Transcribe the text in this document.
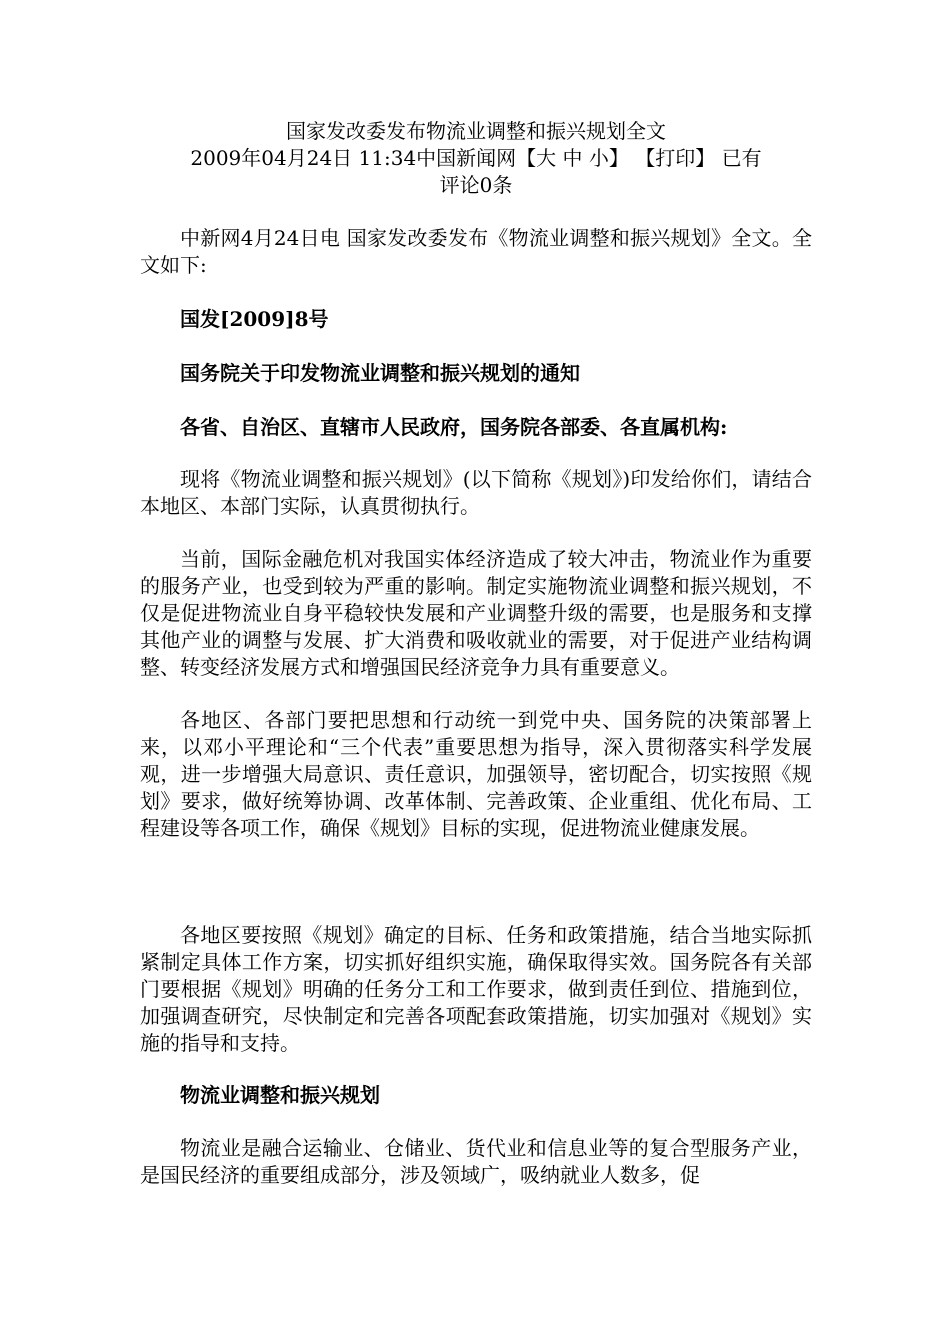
国家发改委发布物流业调整和振兴规划全文
2009年04月24日 11:34中国新闻网【大 中 小】 【打印】 已有
评论0条
中新网4月24日电 国家发改委发布《物流业调整和振兴规划》全文。全文如下:
国发[2009]8号
国务院关于印发物流业调整和振兴规划的通知
各省、自治区、直辖市人民政府，国务院各部委、各直属机构:
现将《物流业调整和振兴规划》(以下简称《规划》)印发给你们，请结合本地区、本部门实际，认真贯彻执行。
当前，国际金融危机对我国实体经济造成了较大冲击，物流业作为重要的服务产业，也受到较为严重的影响。制定实施物流业调整和振兴规划，不仅是促进物流业自身平稳较快发展和产业调整升级的需要，也是服务和支撑其他产业的调整与发展、扩大消费和吸收就业的需要，对于促进产业结构调整、转变经济发展方式和增强国民经济竞争力具有重要意义。
各地区、各部门要把思想和行动统一到党中央、国务院的决策部署上来，以邓小平理论和“三个代表”重要思想为指导，深入贯彻落实科学发展观，进一步增强大局意识、责任意识，加强领导，密切配合，切实按照《规划》要求，做好统筹协调、改革体制、完善政策、企业重组、优化布局、工程建设等各项工作，确保《规划》目标的实现，促进物流业健康发展。
各地区要按照《规划》确定的目标、任务和政策措施，结合当地实际抓紧制定具体工作方案，切实抓好组织实施，确保取得实效。国务院各有关部门要根据《规划》明确的任务分工和工作要求，做到责任到位、措施到位，加强调查研究，尽快制定和完善各项配套政策措施，切实加强对《规划》实施的指导和支持。
物流业调整和振兴规划
物流业是融合运输业、仓储业、货代业和信息业等的复合型服务产业，是国民经济的重要组成部分，涉及领域广，吸纳就业人数多，促
